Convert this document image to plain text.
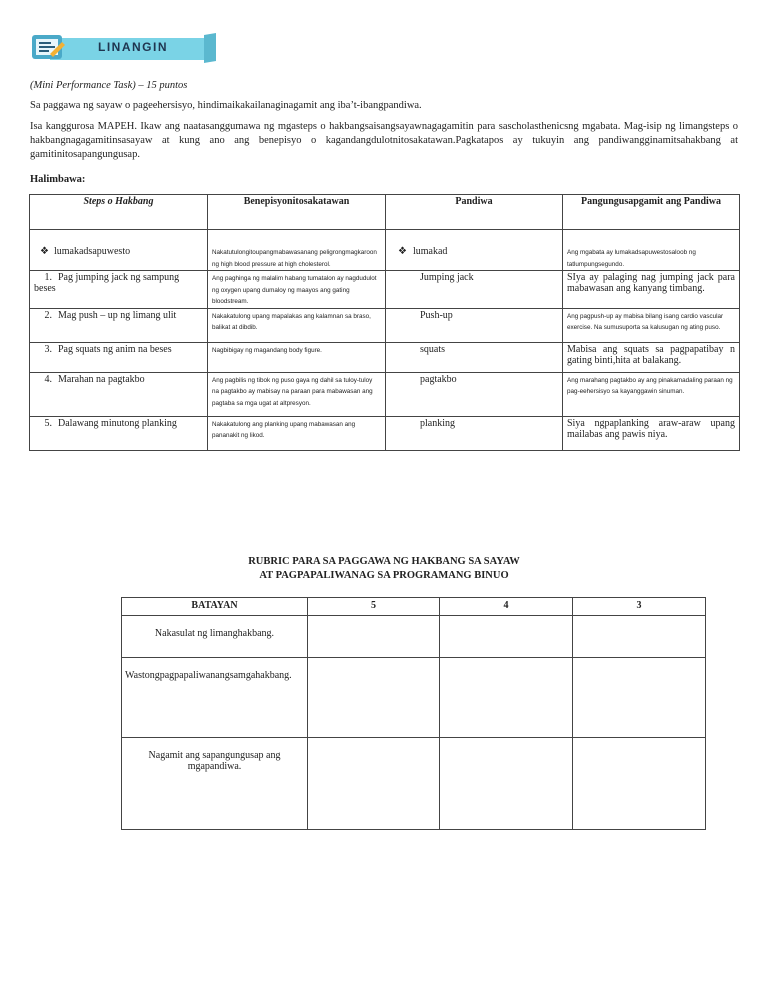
LINANGIN
(Mini Performance Task) – 15 puntos
Sa paggawa ng sayaw o pageehersisyo, hindimaikakailanaginagamit ang iba’t-ibangpandiwa.
Isa kanggurosa MAPEH. Ikaw ang naatasanggumawa ng mgasteps o hakbangsaisangsayawnagagamitin para sascholasthenicsng mgabata. Mag-isip ng limangsteps o hakbangnagagamitinsasayaw at kung ano ang benepisyo o kagandangdulotnitosakatawan.Pagkatapos ay tukuyin ang pandiwangginamitsahakbang at gamitinitosapangungusap.
Halimbawa:
Steps o Hakbang	Benepisyonitosakatawan	Pandiwa	Pangungusapgamit ang Pandiwa
❖ lumakadsapuwesto	Nakatutulongitoupangmabawasanang peligrongmagkaroon ng high blood pressure at high cholesterol.	❖ lumakad	Ang mgabata ay lumakadsapuwestosaloob ng tatlumpungsegundo.
1. Pag jumping jack ng sampung beses	Ang paghinga ng malalim habang tumatalon ay nagdudulot ng oxygen upang dumaloy ng maayos ang gating bloodstream.	Jumping jack	SIya ay palaging nag jumping jack para mabawasan ang kanyang timbang.
2. Mag push – up ng limang ulit	Nakakatulong upang mapalakas ang kalamnan sa braso, balikat at dibdib.	Push-up	Ang pagpush-up ay mabisa bilang isang cardio vascular exercise. Na sumusuporta sa kalusugan ng ating puso.
3. Pag squats ng anim na beses	Nagbibigay ng magandang body figure.	squats	Mabisa ang squats sa pagpapatibay n gating binti,hita at balakang.
4. Marahan na pagtakbo	Ang pagbilis ng tibok ng puso gaya ng dahil sa tuloy-tuloy na pagtakbo ay mabisay na paraan para mabawasan ang pagtaba sa mga ugat at altpresyon.	pagtakbo	Ang marahang pagtakbo ay ang pinakamadaling paraan ng pag-eehersisyo sa kayanggawin sinuman.
5. Dalawang minutong planking	Nakakatulong ang planking upang mabawasan ang pananakit ng likod.	planking	Siya ngpaplanking araw-araw upang mailabas ang pawis niya.
RUBRIC PARA SA PAGGAWA NG HAKBANG SA SAYAW
AT PAGPAPALIWANAG SA PROGRAMANG BINUO
BATAYAN	5	4	3
Nakasulat ng limanghakbang.			
Wastongpagpapaliwanangsamgahakbang.			
Nagamit ang sapangungusap ang mgapandiwa.			
